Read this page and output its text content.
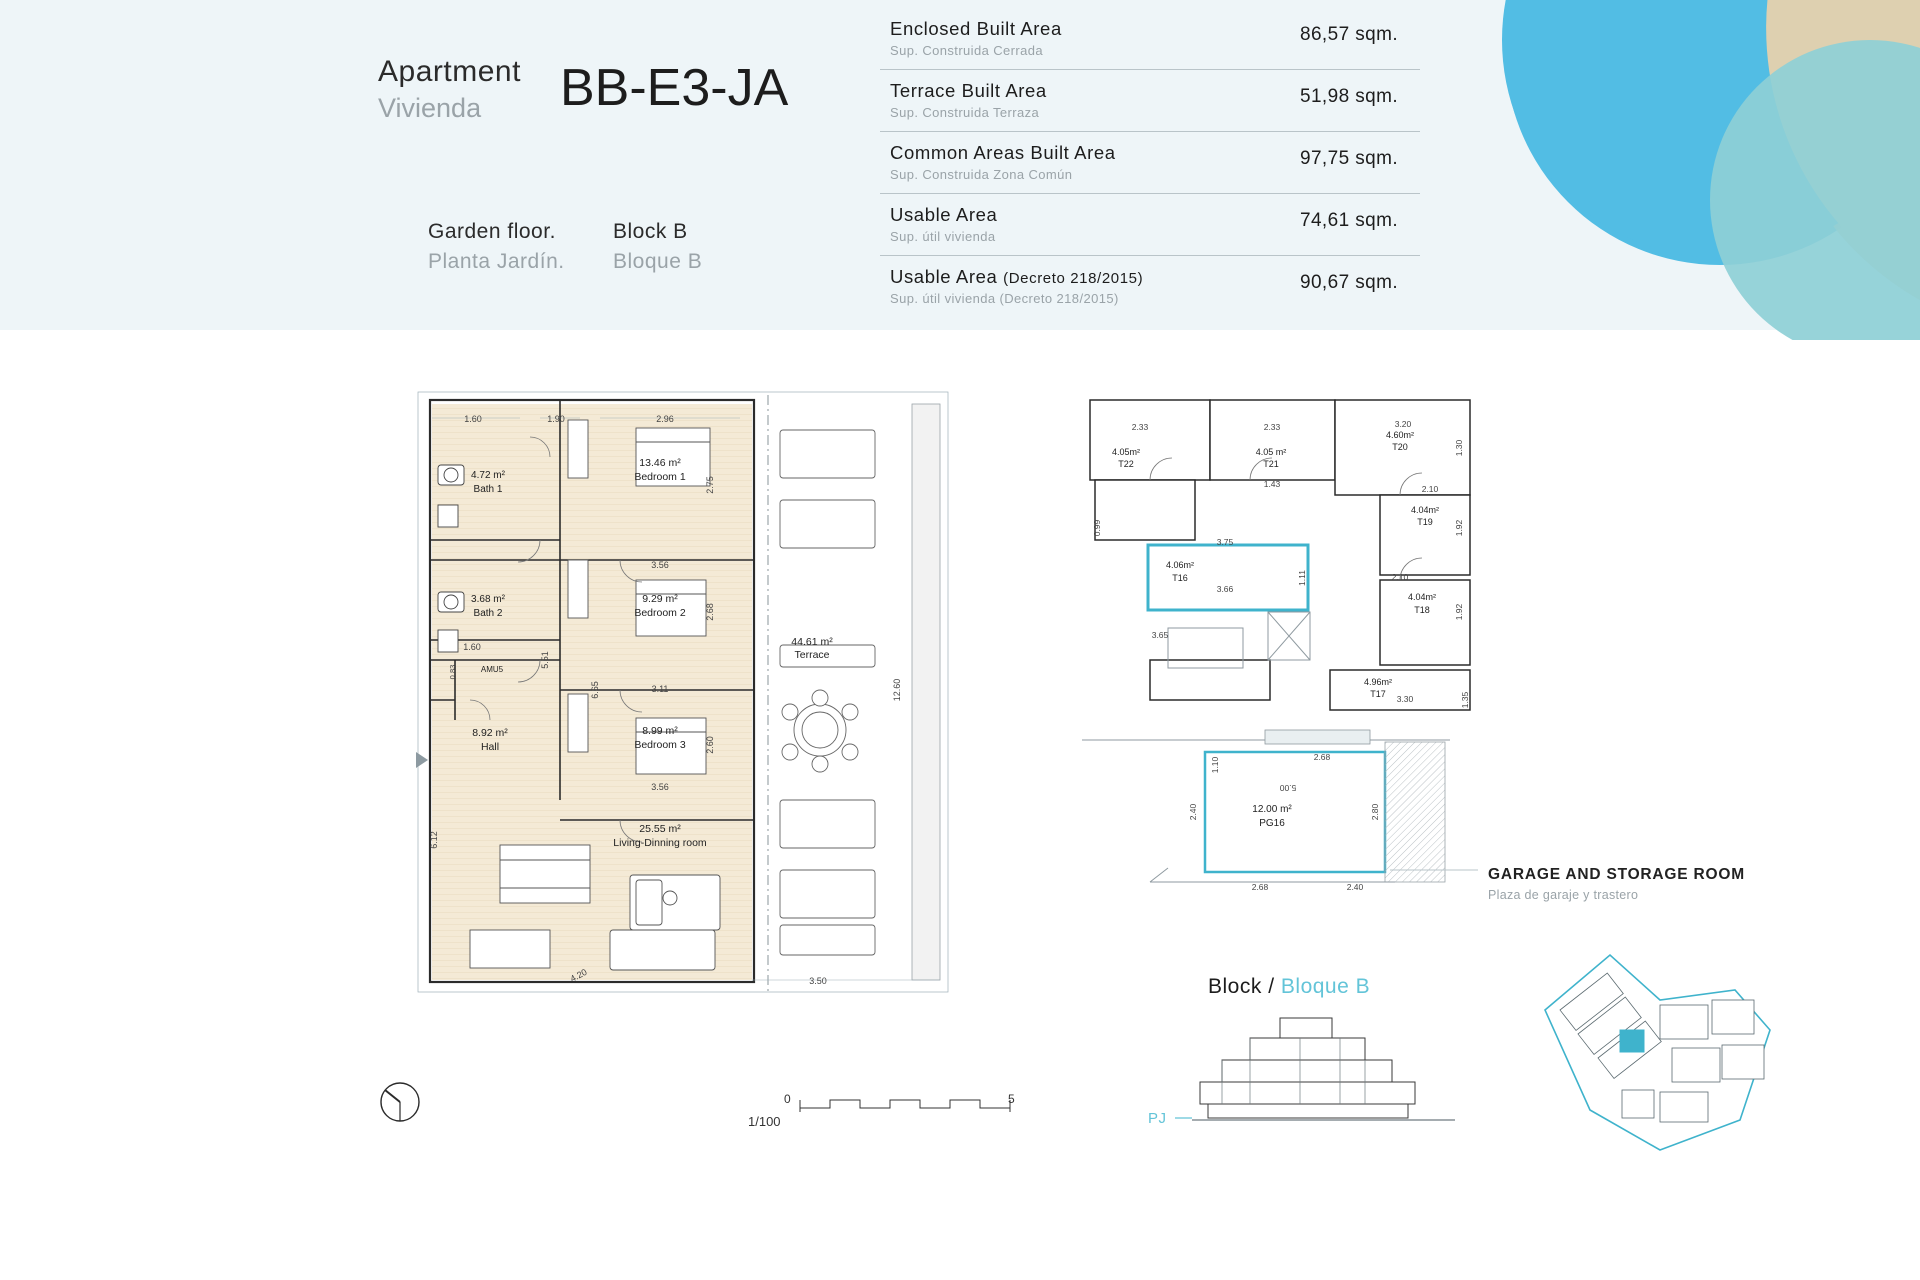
Apartment
Vivienda	BB-E3-JA
Garden floor.
Planta Jardín.
Block B
Bloque B
Enclosed Built Area
Sup. Construida Cerrada
86,57 sqm.
Terrace Built Area
Sup. Construida Terraza
51,98 sqm.
Common Areas Built Area
Sup. Construida Zona Común
97,75 sqm.
Usable Area
Sup. útil vivienda
74,61 sqm.
Usable Area (Decreto 218/2015)
Sup. útil vivienda (Decreto 218/2015)
90,67 sqm.
4.72 m²
Bath 1
13.46 m²
Bedroom 1
3.68 m²
Bath 2
9.29 m²
Bedroom 2
8.99 m²
Bedroom 3
8.92 m²
Hall
25.55 m²
Living-Dinning room
44.61 m²
Terrace
AMU5
1.60	1.90	2.96
3.56
1.60
3.11
3.56
3.50
4.20
2.75
2.68
2.60
12.60
6.12
6.65
5.51
0.83
4.05m²
T22
4.05 m²
T21
4.60m²
T20
4.04m²
T19
4.06m²
T16
4.04m²
T18
4.96m²
T17
2.33	2.33	3.20
2.10
1.43
3.75
3.66
2.10
3.30
3.65
1.30
1.92
1.92
0.99
1.11
1.35
12.00 m²
PG16
2.68
2.68	2.40
5.00
2.40	2.80
1.10
GARAGE AND STORAGE ROOM
Plaza de garaje y trastero
Block / Bloque B
PJ
1/100
0	5
